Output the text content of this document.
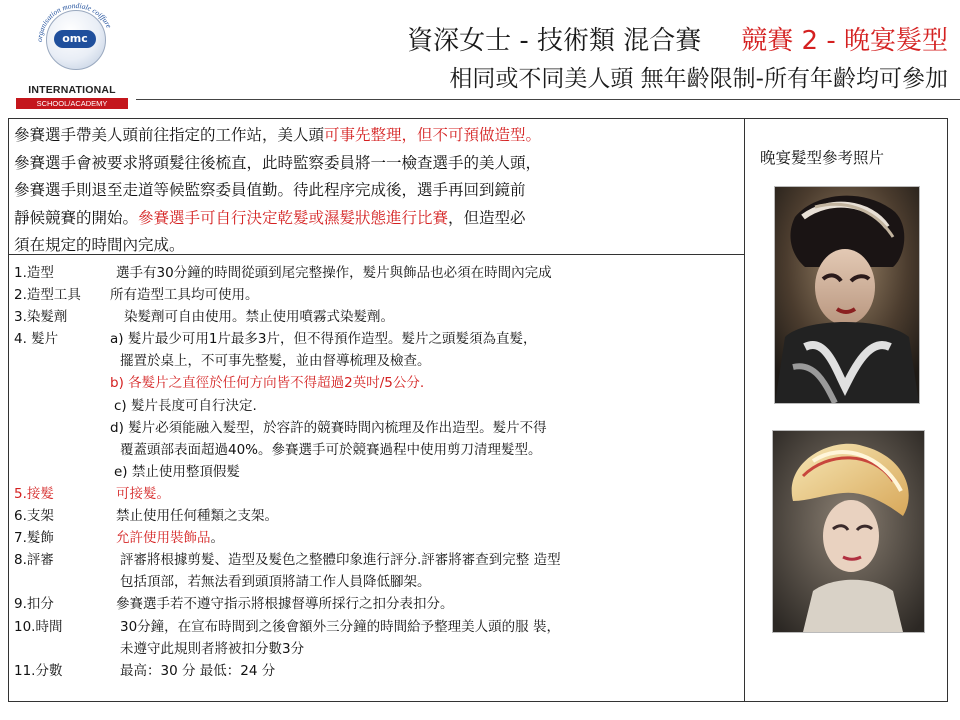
organisation mondiale coiffure
omc
INTERNATIONAL
SCHOOL/ACADEMY
資深女士 - 技術類 混合賽 競賽 2 - 晚宴髮型
相同或不同美人頭 無年齡限制-所有年齡均可參加
參賽選手帶美人頭前往指定的工作站，美人頭可事先整理，但不可預做造型。
參賽選手會被要求將頭髮往後梳直，此時監察委員將一一檢查選手的美人頭，
參賽選手則退至走道等候監察委員值勤。待此程序完成後，選手再回到鏡前
靜候競賽的開始。參賽選手可自行決定乾髮或濕髮狀態進行比賽，但造型必
須在規定的時間內完成。
1.造型	選手有30分鐘的時間從頭到尾完整操作，髮片與飾品也必須在時間內完成
2.造型工具 所有造型工具均可使用。
3.染髮劑	染髮劑可自由使用。禁止使用噴霧式染髮劑。
4. 髮片	a) 髮片最少可用1片最多3片，但不得預作造型。髮片之頭髮須為直髮，
擺置於桌上，不可事先整髮，並由督導梳理及檢查。
b) 各髮片之直徑於任何方向皆不得超過2英吋/5公分.
c) 髮片長度可自行決定.
d) 髮片必須能融入髮型，於容許的競賽時間內梳理及作出造型。髮片不得
覆蓋頭部表面超過40%。參賽選手可於競賽過程中使用剪刀清理髮型。
e) 禁止使用整頂假髮
5.接髮	可接髮。
6.支架	禁止使用任何種類之支架。
7.髮飾	允許使用裝飾品。
8.評審	評審將根據剪髮、造型及髮色之整體印象進行評分.評審將審查到完整 造型
包括頂部，若無法看到頭頂將請工作人員降低腳架。
9.扣分	參賽選手若不遵守指示將根據督導所採行之扣分表扣分。
10.時間	30分鐘，在宣布時間到之後會額外三分鐘的時間給予整理美人頭的服 裝，
未遵守此規則者將被扣分數3分
11.分數	最高：30 分 最低：24 分
晚宴髮型參考照片
